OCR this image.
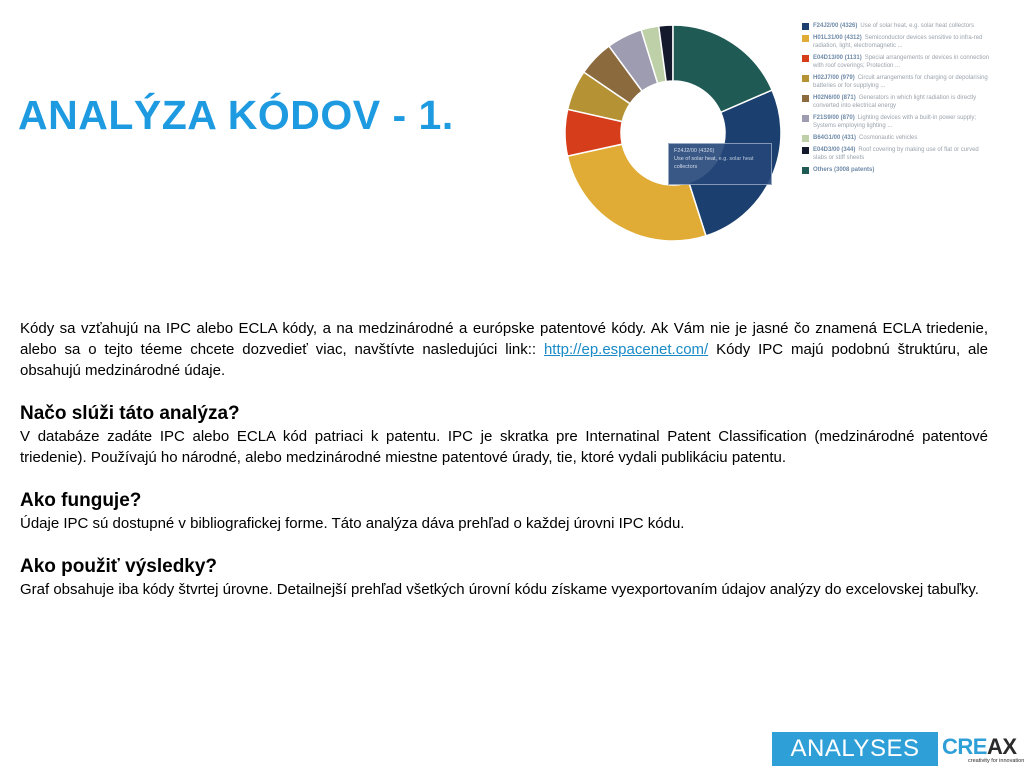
ANALÝZA KÓDOV - 1.
F24J2/00 (4326)
Use of solar heat, e.g. solar heat collectors
F24J2/00 (4326) Use of solar heat, e.g. solar heat collectors
H01L31/00 (4312) Semiconductor devices sensitive to infra-red radiation, light, electromagnetic ...
E04D13/00 (1131) Special arrangements or devices in connection with roof coverings; Protection ...
H02J7/00 (979) Circuit arrangements for charging or depolarising batteries or for supplying ...
H02N6/00 (871) Generators in which light radiation is directly converted into electrical energy
F21S9/00 (870) Lighting devices with a built-in power supply; Systems employing lighting ...
B64G1/00 (431) Cosmonautic vehicles
E04D3/00 (344) Roof covering by making use of flat or curved slabs or stiff sheets
Others (3008 patents)

Kódy sa vzťahujú na IPC alebo ECLA kódy, a na medzinárodné a európske patentové kódy. Ak Vám nie je jasné čo znamená ECLA triedenie, alebo sa o tejto téeme chcete dozvedieť viac, navštívte nasledujúci link:: http://ep.espacenet.com/ Kódy IPC majú podobnú štruktúru, ale obsahujú medzinárodné údaje.

Načo slúži táto analýza?

V databáze zadáte IPC alebo ECLA kód patriaci k patentu. IPC je skratka pre Internatinal Patent Classification (medzinárodné patentové triedenie). Používajú ho národné, alebo medzinárodné miestne patentové úrady, tie, ktoré vydali publikáciu patentu.

Ako funguje?

Údaje IPC sú dostupné v bibliografickej forme. Táto analýza dáva prehľad o každej úrovni IPC kódu.

Ako použiť výsledky?

Graf obsahuje iba kódy štvrtej úrovne. Detailnejší prehľad všetkých úrovní kódu získame vyexportovaním údajov analýzy do excelovskej tabuľky.

ANALYSES	CREAX
creativity for innovation
